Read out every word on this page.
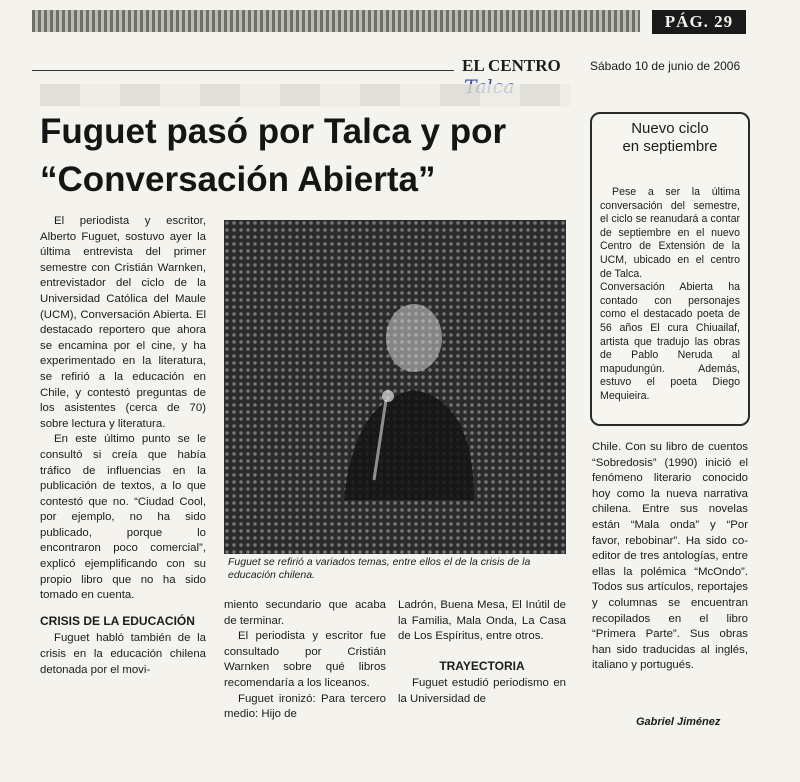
PÁG. 29
EL CENTRO Sábado 10 de junio de 2006
Fuguet pasó por Talca y por
“Conversación Abierta”

El periodista y escritor, Alberto Fuguet, sostuvo ayer la última entrevista del primer semestre con Cristián Warnken, entrevistador del ciclo de la Universidad Católica del Maule (UCM), Conversación Abierta. El destacado reportero que ahora se encamina por el cine, y ha experimentado en la literatura, se refirió a la educación en Chile, y contestó preguntas de los asistentes (cerca de 70) sobre lectura y literatura.

En este último punto se le consultó si creía que había tráfico de influencias en la publicación de textos, a lo que contestó que no. “Ciudad Cool, por ejemplo, no ha sido publicado, porque lo encontraron poco comercial”, explicó ejemplificando con su propio libro que no ha sido tomado en cuenta.

CRISIS DE LA EDUCACIÓN

Fuguet habló también de la crisis en la educación chilena detonada por el movi-

Fuguet se refirió a variados temas, entre ellos el de la crisis de la educación chilena.

miento secundario que acaba de terminar.

El periodista y escritor fue consultado por Cristián Warnken sobre qué libros recomendaría a los liceanos.

Fuguet ironizó: Para tercero medio: Hijo de

Ladrón, Buena Mesa, El Inútil de la Familia, Mala Onda, La Casa de Los Espíritus, entre otros.

TRAYECTORIA

Fuguet estudió periodismo en la Universidad de

Nuevo ciclo
en septiembre

Pese a ser la última conversación del semestre, el ciclo se reanudará a contar de septiembre en el nuevo Centro de Extensión de la UCM, ubicado en el centro de Talca.

Conversación Abierta ha contado con personajes como el destacado poeta de 56 años El cura Chiuailaf, artista que tradujo las obras de Pablo Neruda al mapudungún. Además, estuvo el poeta Diego Mequieira.

Chile. Con su libro de cuentos “Sobredosis” (1990) inició el fenómeno literario conocido hoy como la nueva narrativa chilena. Entre sus novelas están “Mala onda” y “Por favor, rebobinar”. Ha sido co-editor de tres antologías, entre ellas la polémica “McOndo”. Todos sus artículos, reportajes y columnas se encuentran recopilados en el libro “Primera Parte”. Sus obras han sido traducidas al inglés, italiano y portugués.

Gabriel Jiménez
